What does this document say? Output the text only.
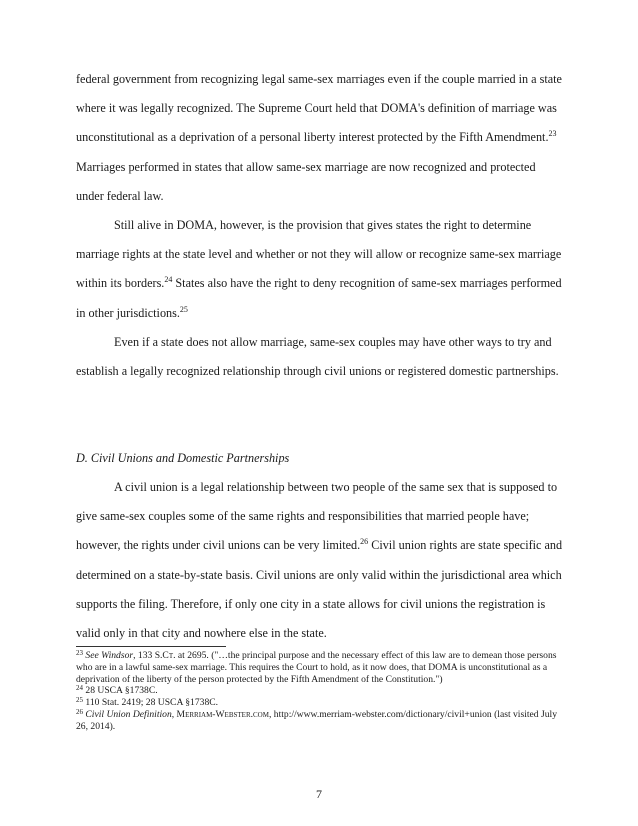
federal government from recognizing legal same-sex marriages even if the couple married in a state where it was legally recognized. The Supreme Court held that DOMA's definition of marriage was unconstitutional as a deprivation of a personal liberty interest protected by the Fifth Amendment.$^{23}$ Marriages performed in states that allow same-sex marriage are now recognized and protected under federal law.

Still alive in DOMA, however, is the provision that gives states the right to determine marriage rights at the state level and whether or not they will allow or recognize same-sex marriage within its borders.$^{24}$ States also have the right to deny recognition of same-sex marriages performed in other jurisdictions.$^{25}$

Even if a state does not allow marriage, same-sex couples may have other ways to try and establish a legally recognized relationship through civil unions or registered domestic partnerships.

D. Civil Unions and Domestic Partnerships

A civil union is a legal relationship between two people of the same sex that is supposed to give same-sex couples some of the same rights and responsibilities that married people have; however, the rights under civil unions can be very limited.$^{26}$ Civil union rights are state specific and determined on a state-by-state basis. Civil unions are only valid within the jurisdictional area which supports the filing. Therefore, if only one city in a state allows for civil unions the registration is valid only in that city and nowhere else in the state.

$^{23}$ See Windsor, 133 S.Ct. at 2695. ("…the principal purpose and the necessary effect of this law are to demean those persons who are in a lawful same-sex marriage. This requires the Court to hold, as it now does, that DOMA is unconstitutional as a deprivation of the liberty of the person protected by the Fifth Amendment of the Constitution.")

$^{24}$ 28 USCA §1738C.

$^{25}$ 110 Stat. 2419; 28 USCA §1738C.

$^{26}$ Civil Union Definition, Merriam-Webster.com, http://www.merriam-webster.com/dictionary/civil+union (last visited July 26, 2014).

7
